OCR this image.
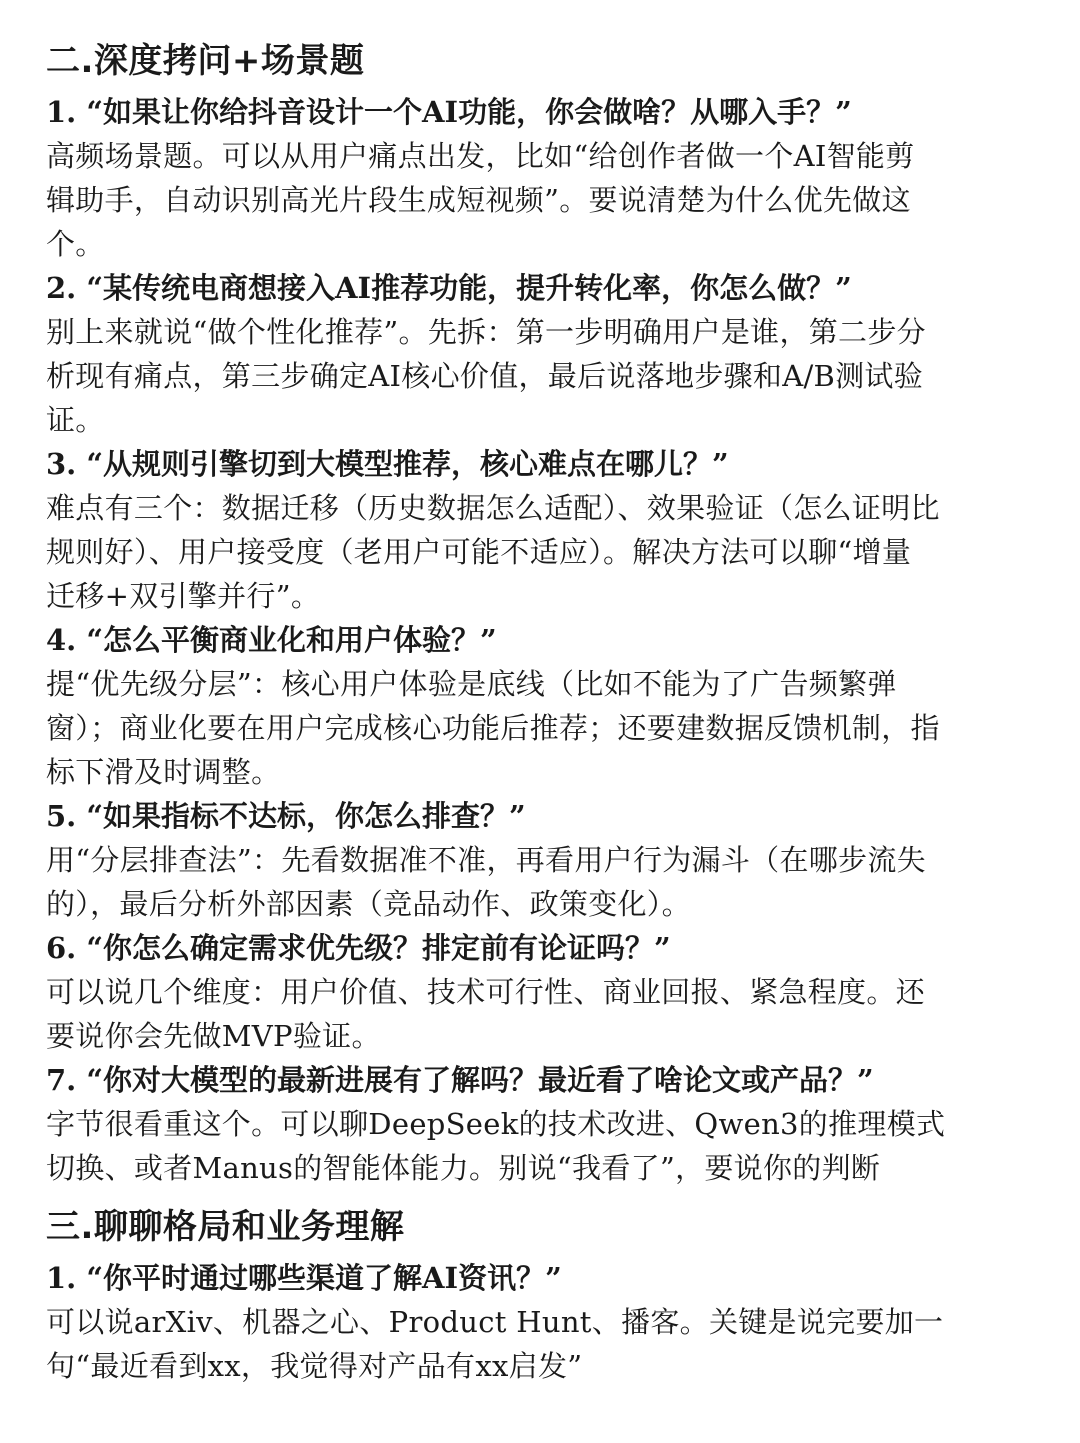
二.深度拷问+场景题

1. “如果让你给抖音设计一个AI功能，你会做啥？从哪入手？”

高频场景题。可以从用户痛点出发，比如“给创作者做一个AI智能剪
辑助手，自动识别高光片段生成短视频”。要说清楚为什么优先做这
个。

2. “某传统电商想接入AI推荐功能，提升转化率，你怎么做？”

别上来就说“做个性化推荐”。先拆：第一步明确用户是谁，第二步分
析现有痛点，第三步确定AI核心价值，最后说落地步骤和A/B测试验
证。

3. “从规则引擎切到大模型推荐，核心难点在哪儿？”

难点有三个：数据迁移（历史数据怎么适配）、效果验证（怎么证明比
规则好）、用户接受度（老用户可能不适应）。解决方法可以聊“增量
迁移+双引擎并行”。

4. “怎么平衡商业化和用户体验？”

提“优先级分层”：核心用户体验是底线（比如不能为了广告频繁弹
窗）；商业化要在用户完成核心功能后推荐；还要建数据反馈机制，指
标下滑及时调整。

5. “如果指标不达标，你怎么排查？”

用“分层排查法”：先看数据准不准，再看用户行为漏斗（在哪步流失
的），最后分析外部因素（竞品动作、政策变化）。

6. “你怎么确定需求优先级？排定前有论证吗？”

可以说几个维度：用户价值、技术可行性、商业回报、紧急程度。还
要说你会先做MVP验证。

7. “你对大模型的最新进展有了解吗？最近看了啥论文或产品？”

字节很看重这个。可以聊DeepSeek的技术改进、Qwen3的推理模式
切换、或者Manus的智能体能力。别说“我看了”，要说你的判断

三.聊聊格局和业务理解

1. “你平时通过哪些渠道了解AI资讯？”

可以说arXiv、机器之心、Product Hunt、播客。关键是说完要加一
句“最近看到xx，我觉得对产品有xx启发”
